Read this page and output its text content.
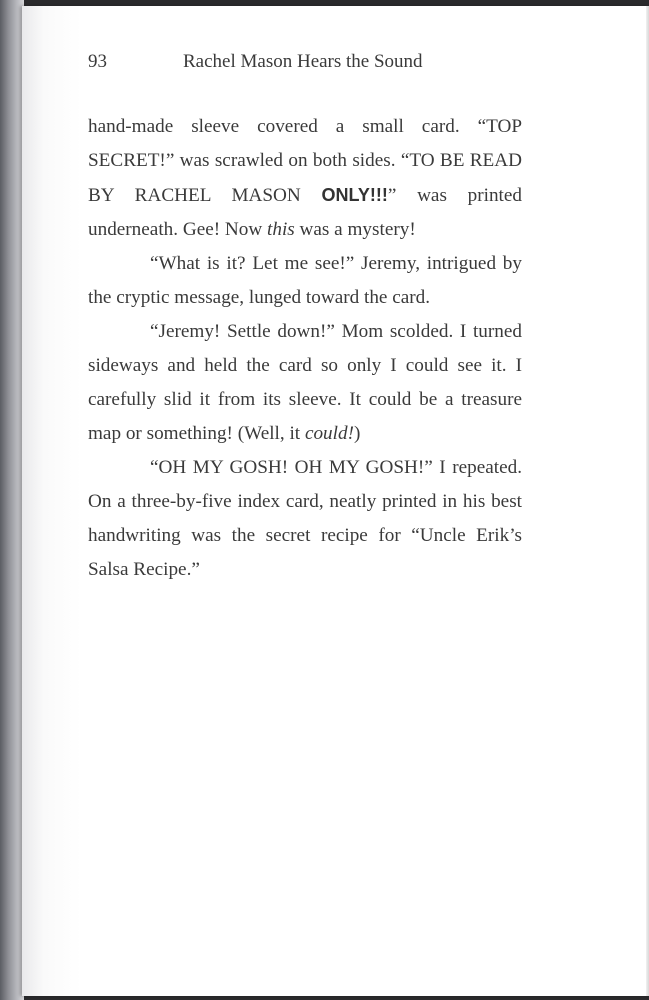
93	Rachel Mason Hears the Sound

hand-made sleeve covered a small card. “TOP SECRET!” was scrawled on both sides. “TO BE READ BY RACHEL MASON ONLY!!!” was printed underneath. Gee! Now this was a mystery!

“What is it? Let me see!” Jeremy, intrigued by the cryptic message, lunged toward the card.

“Jeremy! Settle down!” Mom scolded. I turned sideways and held the card so only I could see it. I carefully slid it from its sleeve. It could be a treasure map or something! (Well, it could!)

“OH MY GOSH! OH MY GOSH!” I repeated. On a three-by-five index card, neatly printed in his best handwriting was the secret recipe for “Uncle Erik’s Salsa Recipe.”
